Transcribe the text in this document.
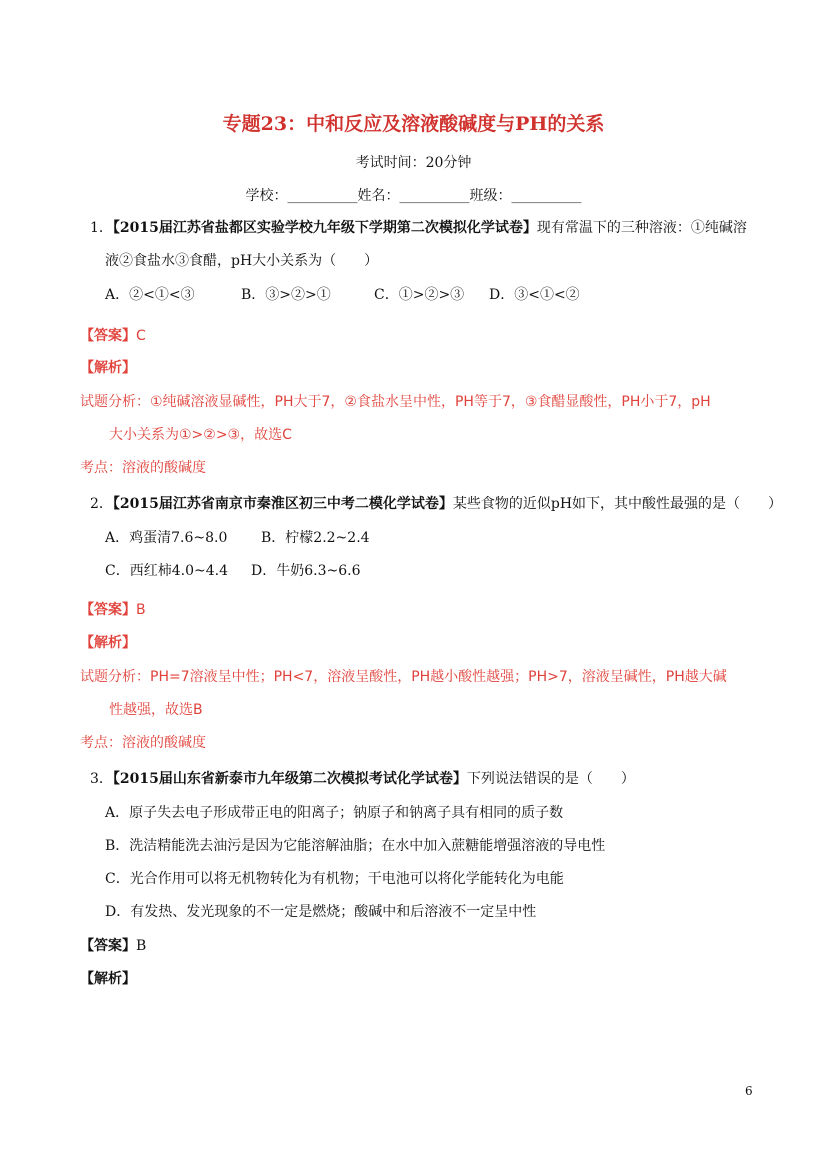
专题23：中和反应及溶液酸碱度与PH的关系
考试时间：20分钟
学校：__________姓名：__________班级：__________
1．【2015届江苏省盐都区实验学校九年级下学期第二次模拟化学试卷】现有常温下的三种溶液：①纯碱溶
液②食盐水③食醋，pH大小关系为（　　）
A．②<①<③	B．③>②>①	C．①>②>③ D．③<①<②
【答案】C
【解析】
试题分析：①纯碱溶液显碱性，PH大于7，②食盐水呈中性，PH等于7，③食醋显酸性，PH小于7，pH
大小关系为①>②>③，故选C
考点：溶液的酸碱度
2．【2015届江苏省南京市秦淮区初三中考二模化学试卷】某些食物的近似pH如下，其中酸性最强的是（　　）
A．鸡蛋清7.6~8.0 B．柠檬2.2~2.4
C．西红柿4.0~4.4 D．牛奶6.3~6.6
【答案】B
【解析】
试题分析：PH=7溶液呈中性；PH<7，溶液呈酸性，PH越小酸性越强；PH>7，溶液呈碱性，PH越大碱
性越强，故选B
考点：溶液的酸碱度
3．【2015届山东省新泰市九年级第二次模拟考试化学试卷】下列说法错误的是（　　）
A．原子失去电子形成带正电的阳离子；钠原子和钠离子具有相同的质子数
B．洗洁精能洗去油污是因为它能溶解油脂；在水中加入蔗糖能增强溶液的导电性
C．光合作用可以将无机物转化为有机物；干电池可以将化学能转化为电能
D．有发热、发光现象的不一定是燃烧；酸碱中和后溶液不一定呈中性
【答案】B
【解析】
6
